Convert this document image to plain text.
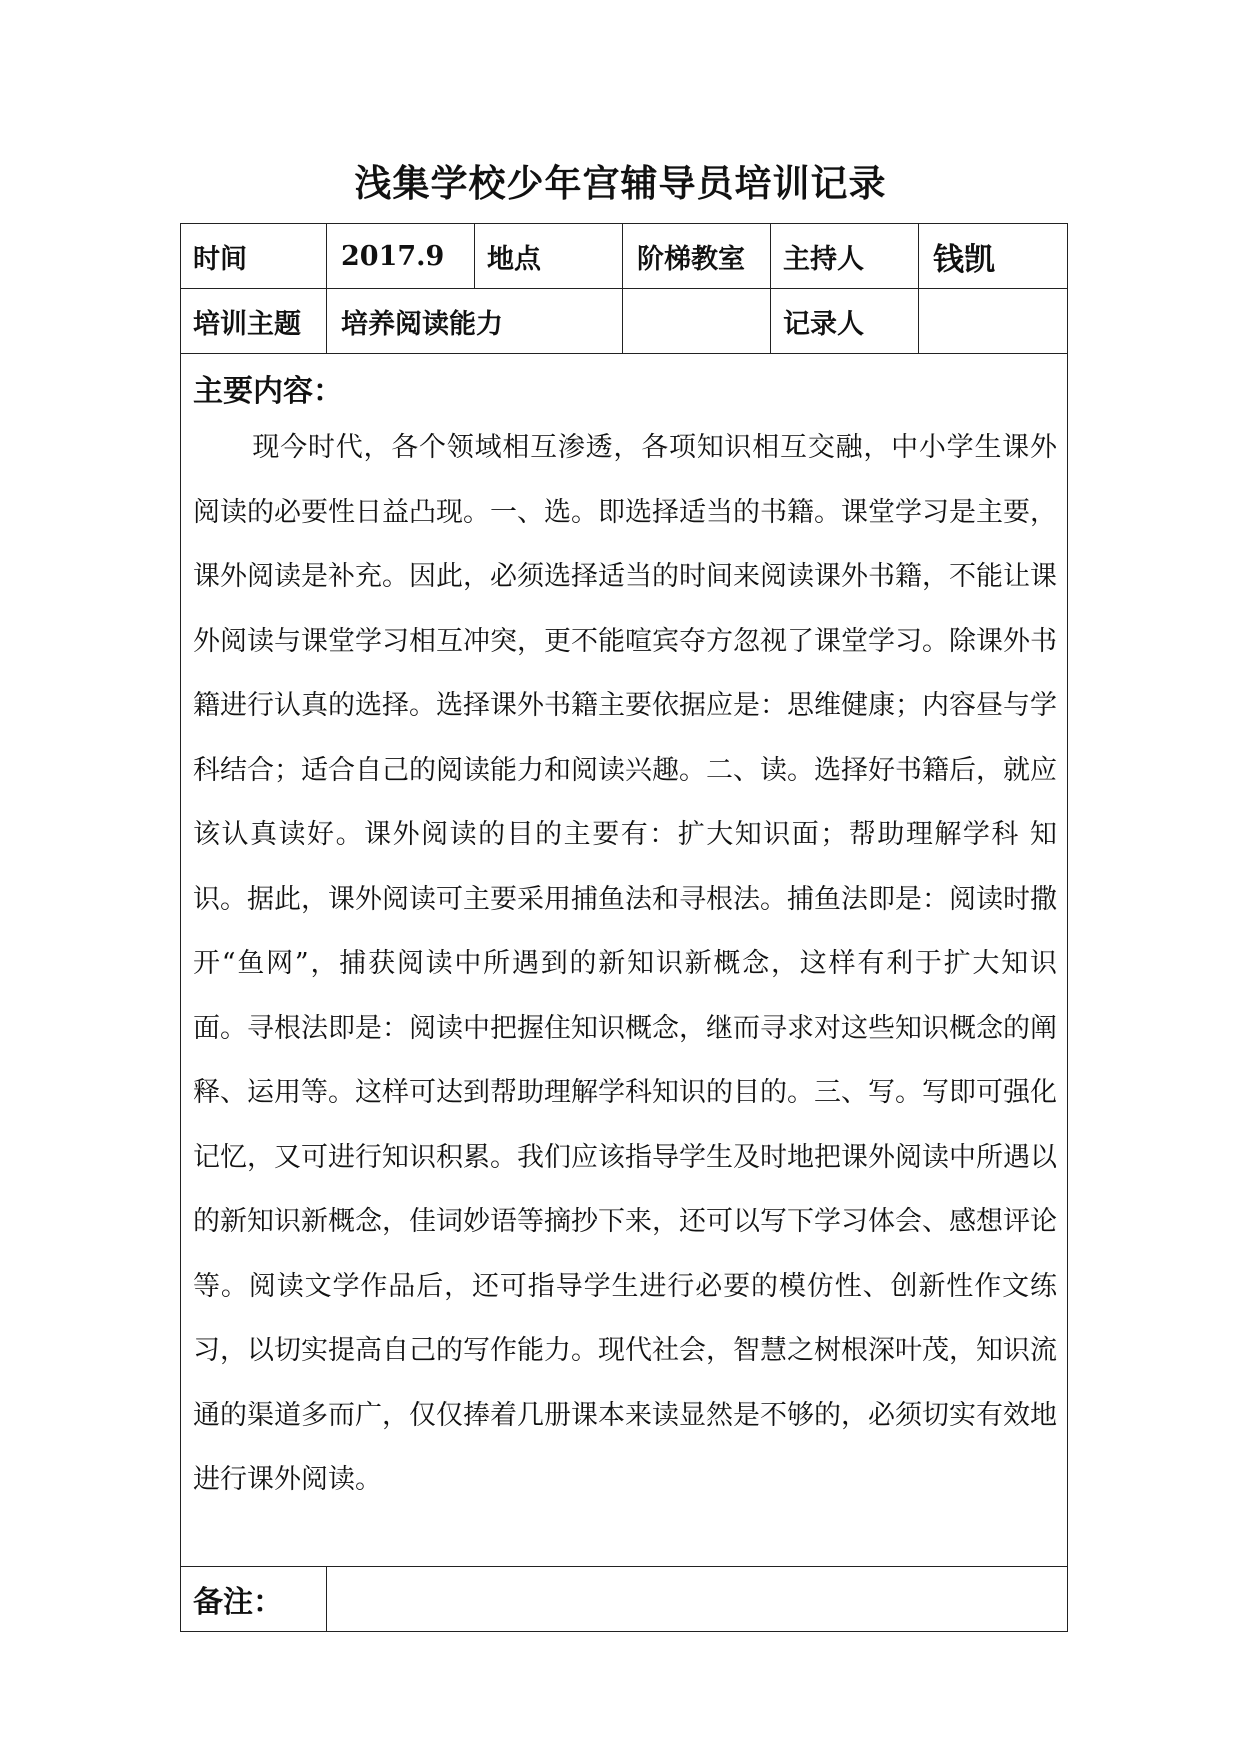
浅集学校少年宫辅导员培训记录
时间	2017.9	地点	阶梯教室	主持人	钱凯
培训主题	培养阅读能力			记录人	

主要内容：

现今时代，各个领域相互渗透，各项知识相互交融，中小学生课外阅读的必要性日益凸现。一、选。即选择适当的书籍。课堂学习是主要，课外阅读是补充。因此，必须选择适当的时间来阅读课外书籍，不能让课外阅读与课堂学习相互冲突，更不能喧宾夺方忽视了课堂学习。除课外书籍进行认真的选择。选择课外书籍主要依据应是：思维健康；内容昼与学科结合；适合自己的阅读能力和阅读兴趣。二、读。选择好书籍后，就应该认真读好。课外阅读的目的主要有：扩大知识面；帮助理解学科 知识。据此，课外阅读可主要采用捕鱼法和寻根法。捕鱼法即是：阅读时撒开“鱼网”，捕获阅读中所遇到的新知识新概念，这样有利于扩大知识面。寻根法即是：阅读中把握住知识概念，继而寻求对这些知识概念的阐释、运用等。这样可达到帮助理解学科知识的目的。三、写。写即可强化记忆，又可进行知识积累。我们应该指导学生及时地把课外阅读中所遇以的新知识新概念，佳词妙语等摘抄下来，还可以写下学习体会、感想评论等。阅读文学作品后，还可指导学生进行必要的模仿性、创新性作文练习，以切实提高自己的写作能力。现代社会，智慧之树根深叶茂，知识流通的渠道多而广，仅仅捧着几册课本来读显然是不够的，必须切实有效地进行课外阅读。					

备注：					
